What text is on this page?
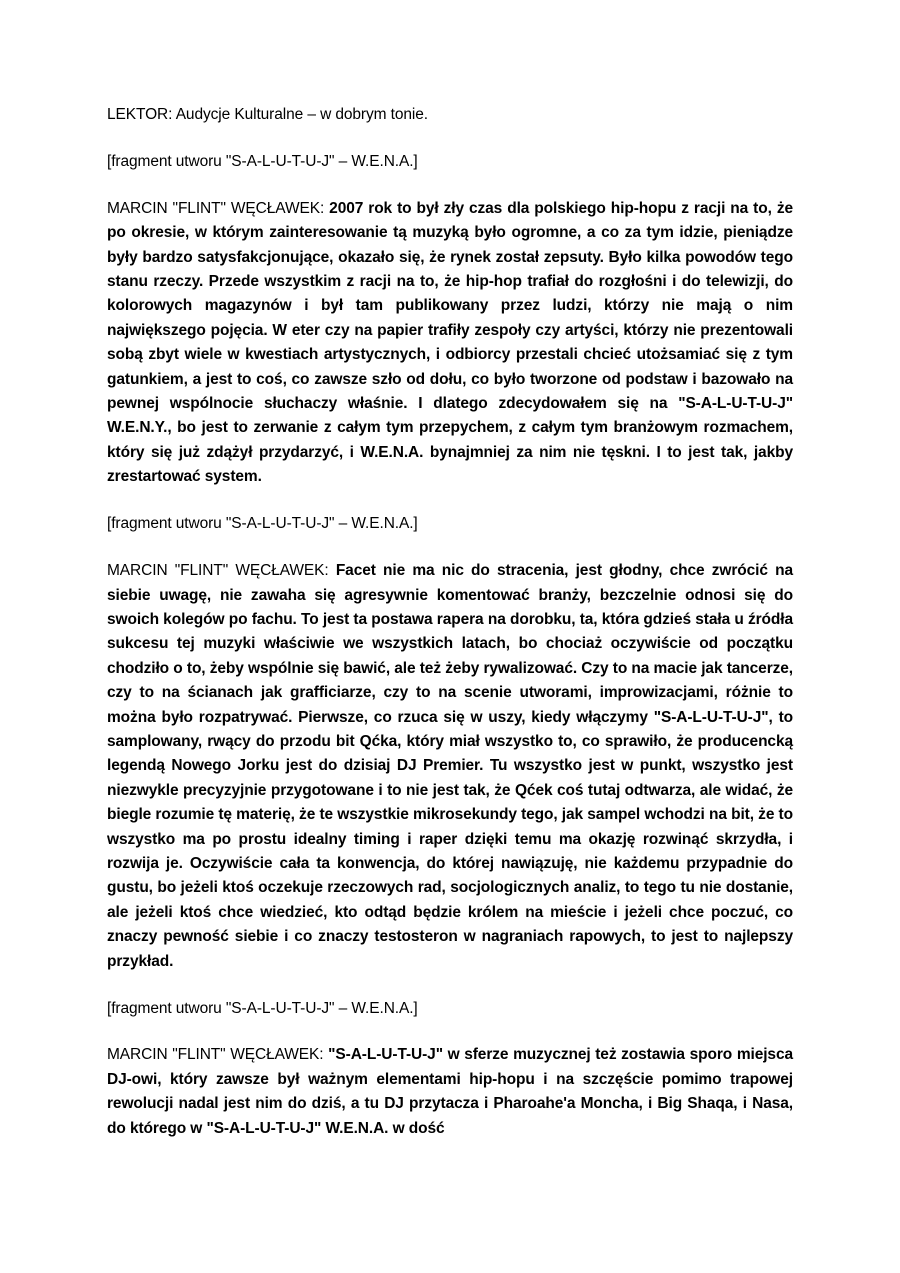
LEKTOR: Audycje Kulturalne – w dobrym tonie.

[fragment utworu "S-A-L-U-T-U-J" – W.E.N.A.]

MARCIN "FLINT" WĘCŁAWEK: 2007 rok to był zły czas dla polskiego hip-hopu z racji na to, że po okresie, w którym zainteresowanie tą muzyką było ogromne, a co za tym idzie, pieniądze były bardzo satysfakcjonujące, okazało się, że rynek został zepsuty. Było kilka powodów tego stanu rzeczy. Przede wszystkim z racji na to, że hip-hop trafiał do rozgłośni i do telewizji, do kolorowych magazynów i był tam publikowany przez ludzi, którzy nie mają o nim największego pojęcia. W eter czy na papier trafiły zespoły czy artyści, którzy nie prezentowali sobą zbyt wiele w kwestiach artystycznych, i odbiorcy przestali chcieć utożsamiać się z tym gatunkiem, a jest to coś, co zawsze szło od dołu, co było tworzone od podstaw i bazowało na pewnej wspólnocie słuchaczy właśnie. I dlatego zdecydowałem się na "S-A-L-U-T-U-J" W.E.N.Y., bo jest to zerwanie z całym tym przepychem, z całym tym branżowym rozmachem, który się już zdążył przydarzyć, i W.E.N.A. bynajmniej za nim nie tęskni. I to jest tak, jakby zrestartować system.

[fragment utworu "S-A-L-U-T-U-J" – W.E.N.A.]

MARCIN "FLINT" WĘCŁAWEK: Facet nie ma nic do stracenia, jest głodny, chce zwrócić na siebie uwagę, nie zawaha się agresywnie komentować branży, bezczelnie odnosi się do swoich kolegów po fachu. To jest ta postawa rapera na dorobku, ta, która gdzieś stała u źródła sukcesu tej muzyki właściwie we wszystkich latach, bo chociaż oczywiście od początku chodziło o to, żeby wspólnie się bawić, ale też żeby rywalizować. Czy to na macie jak tancerze, czy to na ścianach jak grafficiarze, czy to na scenie utworami, improwizacjami, różnie to można było rozpatrywać. Pierwsze, co rzuca się w uszy, kiedy włączymy "S-A-L-U-T-U-J", to samplowany, rwący do przodu bit Qćka, który miał wszystko to, co sprawiło, że producencką legendą Nowego Jorku jest do dzisiaj DJ Premier. Tu wszystko jest w punkt, wszystko jest niezwykle precyzyjnie przygotowane i to nie jest tak, że Qćek coś tutaj odtwarza, ale widać, że biegle rozumie tę materię, że te wszystkie mikrosekundy tego, jak sampel wchodzi na bit, że to wszystko ma po prostu idealny timing i raper dzięki temu ma okazję rozwinąć skrzydła, i rozwija je. Oczywiście cała ta konwencja, do której nawiązuję, nie każdemu przypadnie do gustu, bo jeżeli ktoś oczekuje rzeczowych rad, socjologicznych analiz, to tego tu nie dostanie, ale jeżeli ktoś chce wiedzieć, kto odtąd będzie królem na mieście i jeżeli chce poczuć, co znaczy pewność siebie i co znaczy testosteron w nagraniach rapowych, to jest to najlepszy przykład.

[fragment utworu "S-A-L-U-T-U-J" – W.E.N.A.]

MARCIN "FLINT" WĘCŁAWEK: "S-A-L-U-T-U-J" w sferze muzycznej też zostawia sporo miejsca DJ-owi, który zawsze był ważnym elementami hip-hopu i na szczęście pomimo trapowej rewolucji nadal jest nim do dziś, a tu DJ przytacza i Pharoahe'a Moncha, i Big Shaqa, i Nasa, do którego w "S-A-L-U-T-U-J" W.E.N.A. w dość
